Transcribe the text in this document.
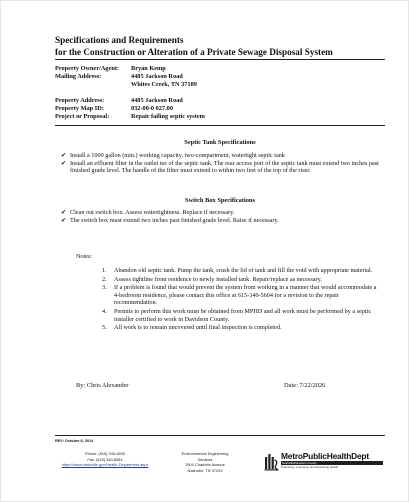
Specifications and Requirements
for the Construction or Alteration of a Private Sewage Disposal System
Property Owner/Agent:	Bryan Kemp
Mailing Address:	4485 Jackson Road
Whites Creek, TN 37189
Property Address:	4485 Jackson Road
Property Map ID:	032-00-0 027.00
Project or Proposal:	Repair failing septic system
Septic Tank Specifications
✔ Install a 1000 gallon (min.) working capacity, two-compartment, watertight septic tank
✔ Install an effluent filter in the outlet tee of the septic tank. The rear access port of the septic tank must extend two inches past finished grade level. The handle of the filter must extend to within two feet of the top of the riser.
Switch Box Specifications
✔ Clean out switch box. Assess watertightness. Replace if necessary.
✔ The switch box must extend two inches past finished grade level. Raise if necessary.
Notes:
1. Abandon old septic tank. Pump the tank, crush the lid of tank and fill the void with appropriate material.
2. Assess tightline from residence to newly installed tank. Repair/replace as necessary.
3. If a problem is found that would prevent the system from working in a manner that would accommodate a 4-bedroom residence, please contact this office at 615-340-5604 for a revision to the repair recommendation.
4. Permits to perform this work must be obtained from MPHD and all work must be performed by a septic installer certified to work in Davidson County.
5. All work is to remain uncovered until final inspection is completed.
By: Chris Alexander	Date: 7/22/2026
REV: October 8, 2014
Phone: (615) 340-5630
Fax: (615) 340-8581
https://www.nashville.gov/Health-Department.aspx
Environmental Engineering
Services
2500 Charlotte Avenue
Nashville, TN 37209
MetroPublicHealthDept
Nashville/Davidson County
Protecting, Improving, and Sustaining Health
